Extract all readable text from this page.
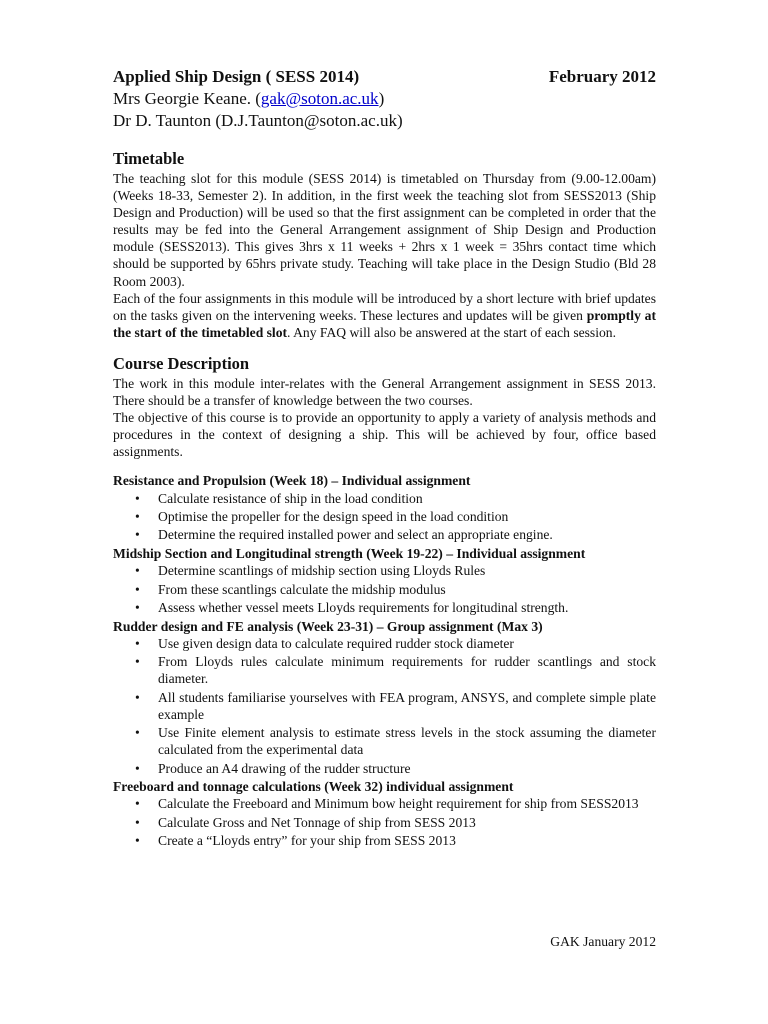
Applied Ship Design ( SESS 2014)	February 2012
Mrs Georgie Keane. (gak@soton.ac.uk)
Dr D. Taunton (D.J.Taunton@soton.ac.uk)
Timetable

The teaching slot for this module (SESS 2014) is timetabled on Thursday from (9.00-12.00am) (Weeks 18-33, Semester 2). In addition, in the first week the teaching slot from SESS2013 (Ship Design and Production) will be used so that the first assignment can be completed in order that the results may be fed into the General Arrangement assignment of Ship Design and Production module (SESS2013). This gives 3hrs x 11 weeks + 2hrs x 1 week = 35hrs contact time which should be supported by 65hrs private study. Teaching will take place in the Design Studio (Bld 28 Room 2003).

Each of the four assignments in this module will be introduced by a short lecture with brief updates on the tasks given on the intervening weeks. These lectures and updates will be given promptly at the start of the timetabled slot. Any FAQ will also be answered at the start of each session.

Course Description

The work in this module inter-relates with the General Arrangement assignment in SESS 2013. There should be a transfer of knowledge between the two courses.

The objective of this course is to provide an opportunity to apply a variety of analysis methods and procedures in the context of designing a ship. This will be achieved by four, office based assignments.

Resistance and Propulsion (Week 18) – Individual assignment

• Calculate resistance of ship in the load condition
• Optimise the propeller for the design speed in the load condition
• Determine the required installed power and select an appropriate engine.

Midship Section and Longitudinal strength (Week 19-22) – Individual assignment

• Determine scantlings of midship section using Lloyds Rules
• From these scantlings calculate the midship modulus
• Assess whether vessel meets Lloyds requirements for longitudinal strength.

Rudder design and FE analysis (Week 23-31) – Group assignment (Max 3)

• Use given design data to calculate required rudder stock diameter
• From Lloyds rules calculate minimum requirements for rudder scantlings and stock diameter.
• All students familiarise yourselves with FEA program, ANSYS, and complete simple plate example
• Use Finite element analysis to estimate stress levels in the stock assuming the diameter calculated from the experimental data
• Produce an A4 drawing of the rudder structure

Freeboard and tonnage calculations (Week 32) individual assignment

• Calculate the Freeboard and Minimum bow height requirement for ship from SESS2013
• Calculate Gross and Net Tonnage of ship from SESS 2013
• Create a “Lloyds entry” for your ship from SESS 2013
GAK January 2012
